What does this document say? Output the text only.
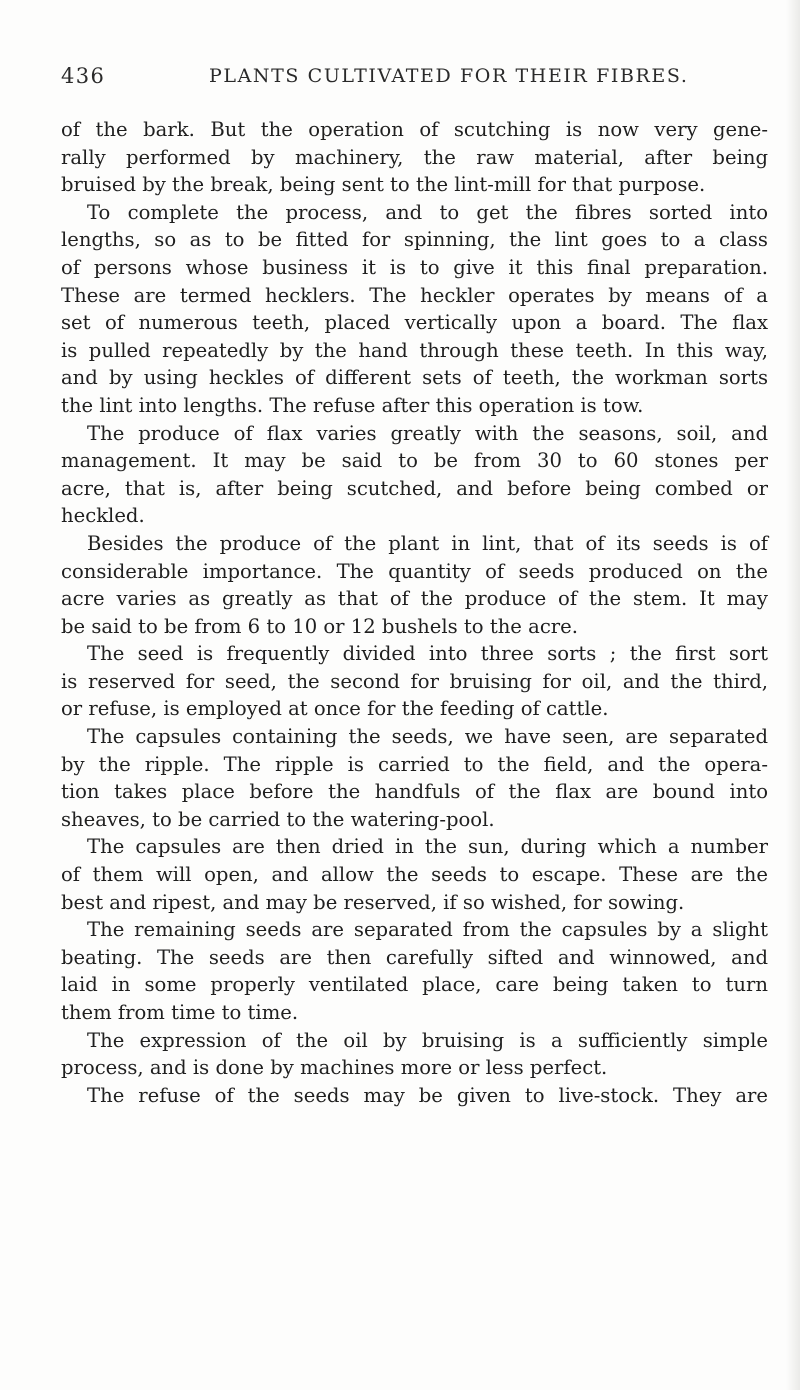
436	PLANTS CULTIVATED FOR THEIR FIBRES.

of the bark. But the operation of scutching is now very gene-
rally performed by machinery, the raw material, after being
bruised by the break, being sent to the lint-mill for that purpose.
To complete the process, and to get the fibres sorted into
lengths, so as to be fitted for spinning, the lint goes to a class
of persons whose business it is to give it this final preparation.
These are termed hecklers. The heckler operates by means of a
set of numerous teeth, placed vertically upon a board. The flax
is pulled repeatedly by the hand through these teeth. In this way,
and by using heckles of different sets of teeth, the workman sorts
the lint into lengths. The refuse after this operation is tow.
The produce of flax varies greatly with the seasons, soil, and
management. It may be said to be from 30 to 60 stones per
acre, that is, after being scutched, and before being combed or
heckled.
Besides the produce of the plant in lint, that of its seeds is of
considerable importance. The quantity of seeds produced on the
acre varies as greatly as that of the produce of the stem. It may
be said to be from 6 to 10 or 12 bushels to the acre.
The seed is frequently divided into three sorts ; the first sort
is reserved for seed, the second for bruising for oil, and the third,
or refuse, is employed at once for the feeding of cattle.
The capsules containing the seeds, we have seen, are separated
by the ripple. The ripple is carried to the field, and the opera-
tion takes place before the handfuls of the flax are bound into
sheaves, to be carried to the watering-pool.
The capsules are then dried in the sun, during which a number
of them will open, and allow the seeds to escape. These are the
best and ripest, and may be reserved, if so wished, for sowing.
The remaining seeds are separated from the capsules by a slight
beating. The seeds are then carefully sifted and winnowed, and
laid in some properly ventilated place, care being taken to turn
them from time to time.
The expression of the oil by bruising is a sufficiently simple
process, and is done by machines more or less perfect.
The refuse of the seeds may be given to live-stock. They are
